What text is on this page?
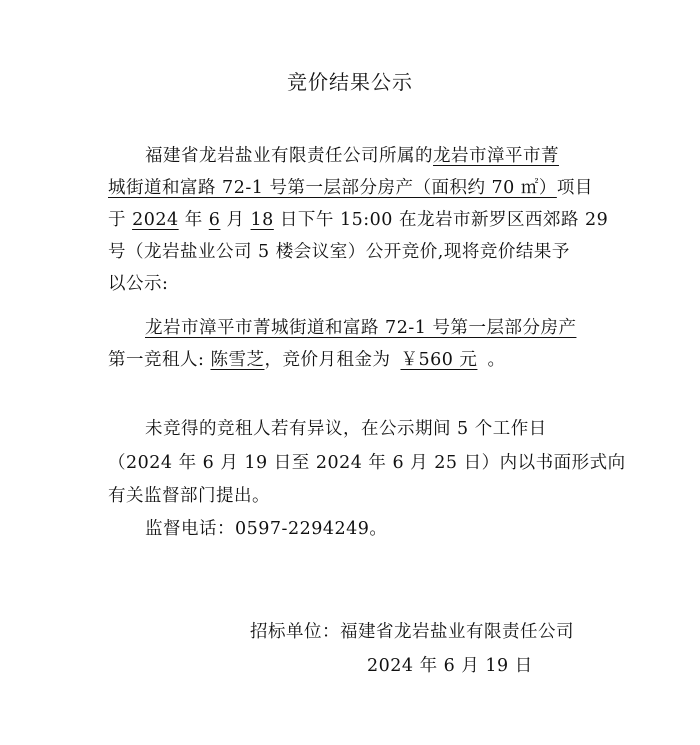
竞价结果公示
福建省龙岩盐业有限责任公司所属的龙岩市漳平市菁
城街道和富路 72-1 号第一层部分房产（面积约 70 ㎡）项目
于 2024 年 6 月 18 日下午 15:00 在龙岩市新罗区西郊路 29
号（龙岩盐业公司 5 楼会议室）公开竞价,现将竞价结果予
以公示:
龙岩市漳平市菁城街道和富路 72-1 号第一层部分房产
第一竞租人: 陈雪芝，竞价月租金为 ￥560 元 。
未竞得的竞租人若有异议，在公示期间 5 个工作日
（2024 年 6 月 19 日至 2024 年 6 月 25 日）内以书面形式向
有关监督部门提出。
监督电话：0597-2294249。
招标单位：福建省龙岩盐业有限责任公司
2024 年 6 月 19 日
